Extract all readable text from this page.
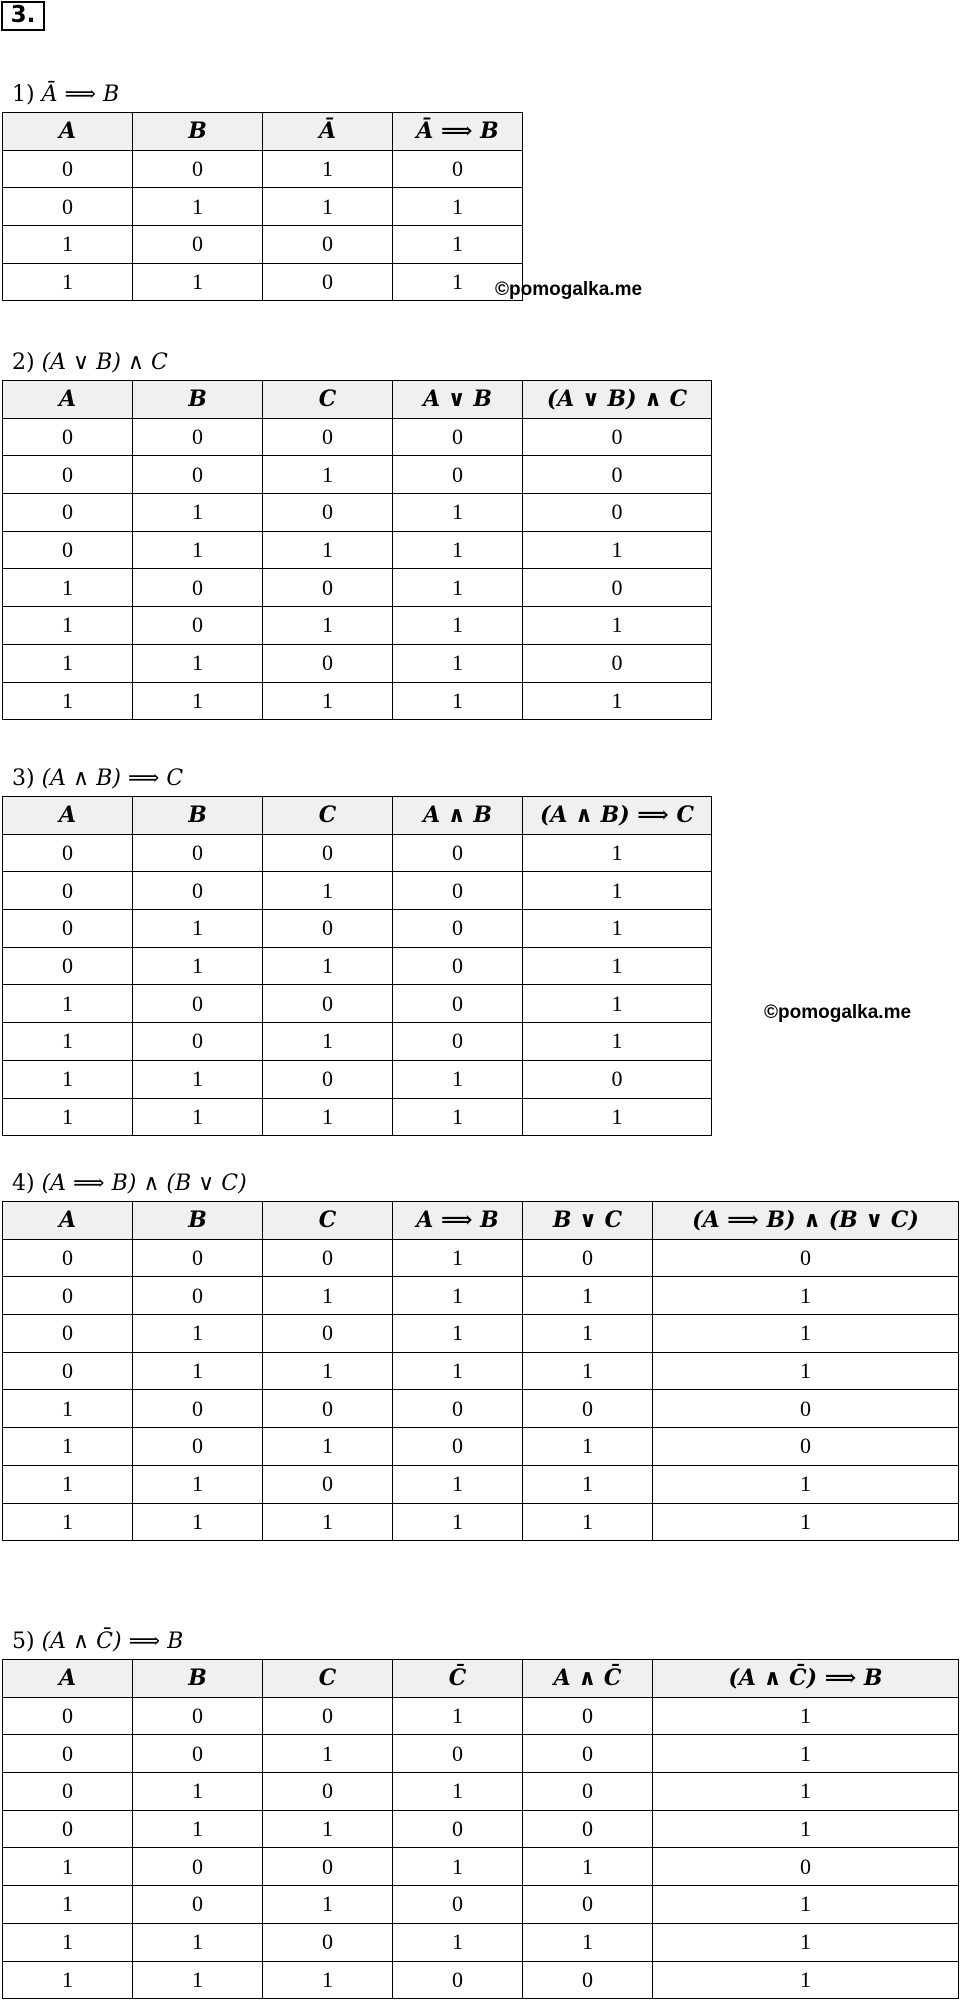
3.
1) Ā ⟹ B
A	B	Ā	Ā ⟹ B
0	0	1	0
0	1	1	1
1	0	0	1
1	1	0	1 ©pomogalka.me
2) (A ∨ B) ∧ C
A	B	C	A ∨ B	(A ∨ B) ∧ C
0	0	0	0	0
0	0	1	0	0
0	1	0	1	0
0	1	1	1	1
1	0	0	1	0
1	0	1	1	1
1	1	0	1	0
1	1	1	1	1
3) (A ∧ B) ⟹ C
A	B	C	A ∧ B	(A ∧ B) ⟹ C
0	0	0	0	1
0	0	1	0	1
0	1	0	0	1
0	1	1	0	1
1	0	0	0	1
1	0	1	0	1
1	1	0	1	0
1	1	1	1	1
©pomogalka.me
4) (A ⟹ B) ∧ (B ∨ C)
A	B	C	A ⟹ B	B ∨ C	(A ⟹ B) ∧ (B ∨ C)
0	0	0	1	0	0
0	0	1	1	1	1
0	1	0	1	1	1
0	1	1	1	1	1
1	0	0	0	0	0
1	0	1	0	1	0
1	1	0	1	1	1
1	1	1	1	1	1
5) (A ∧ C̄) ⟹ B
A	B	C	C̄	A ∧ C̄	(A ∧ C̄) ⟹ B
0	0	0	1	0	1
0	0	1	0	0	1
0	1	0	1	0	1
0	1	1	0	0	1
1	0	0	1	1	0
1	0	1	0	0	1
1	1	0	1	1	1
1	1	1	0	0	1
